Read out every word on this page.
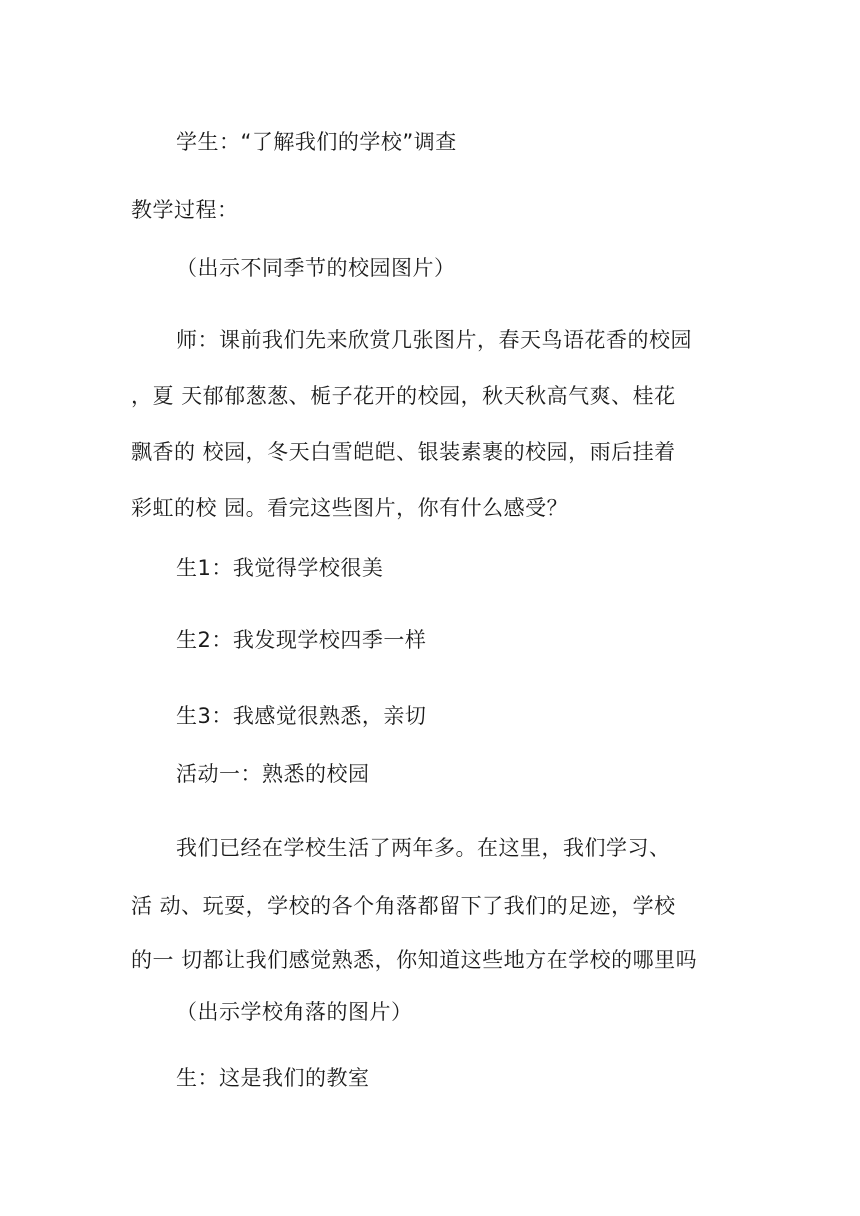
学生：“了解我们的学校”调查
教学过程：
（出示不同季节的校园图片）
师：课前我们先来欣赏几张图片，春天鸟语花香的校园
，夏 天郁郁葱葱、栀子花开的校园，秋天秋高气爽、桂花
飘香的 校园，冬天白雪皑皑、银装素裹的校园，雨后挂着
彩虹的校 园。看完这些图片，你有什么感受？
生1：我觉得学校很美
生2：我发现学校四季一样
生3：我感觉很熟悉，亲切
活动一：熟悉的校园
我们已经在学校生活了两年多。在这里，我们学习、
活 动、玩耍，学校的各个角落都留下了我们的足迹，学校
的一 切都让我们感觉熟悉，你知道这些地方在学校的哪里吗
（出示学校角落的图片）
生：这是我们的教室
